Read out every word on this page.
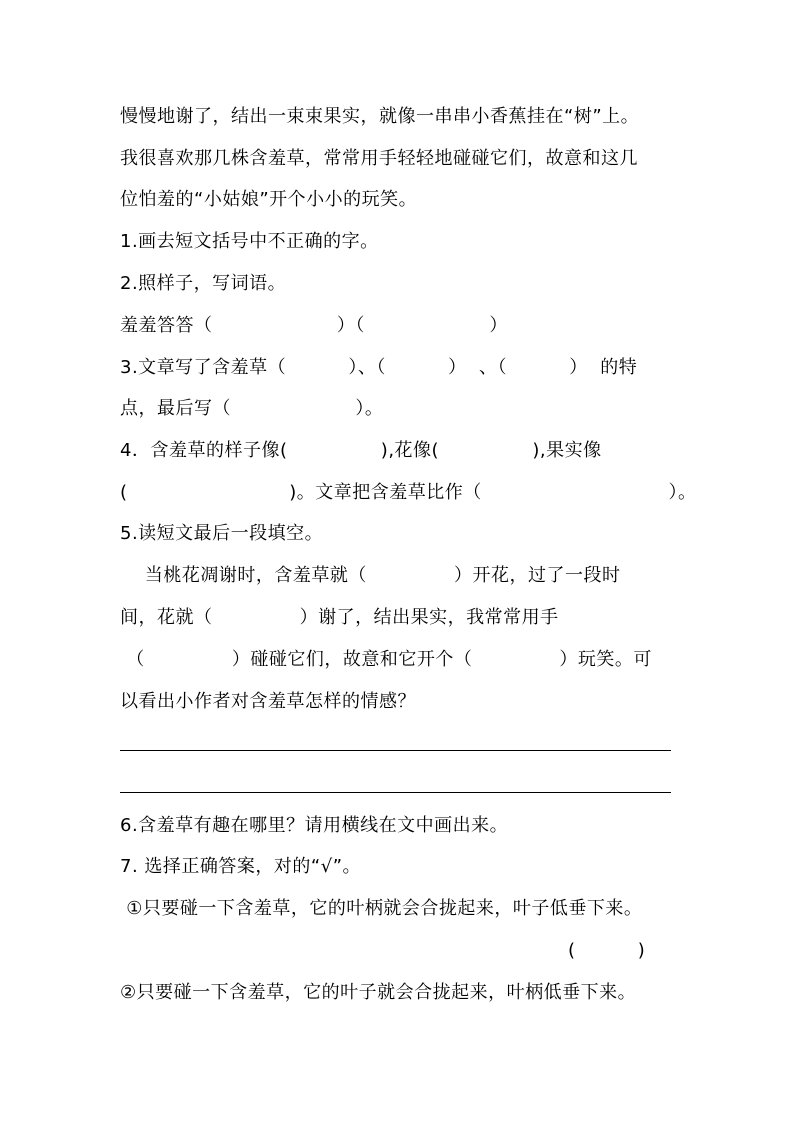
慢慢地谢了，结出一束束果实，就像一串串小香蕉挂在“树”上。
我很喜欢那几株含羞草，常常用手轻轻地碰碰它们，故意和这几
位怕羞的“小姑娘”开个小小的玩笑。
1.画去短文括号中不正确的字。
2.照样子，写词语。
羞羞答答（                    ）（                    ）
3.文章写了含羞草（          ）、（          ）  、（          ）  的特
点，最后写（                    ）。
4．含羞草的样子像(               ),花像(               ),果实像
(                          )。文章把含羞草比作（                              ）。
5.读短文最后一段填空。
当桃花凋谢时，含羞草就（              ）开花，过了一段时
间，花就（              ）谢了，结出果实，我常常用手
（              ）碰碰它们，故意和它开个（              ）玩笑。可
以看出小作者对含羞草怎样的情感？
6.含羞草有趣在哪里？请用横线在文中画出来。
7. 选择正确答案，对的“√”。
①只要碰一下含羞草，它的叶柄就会合拢起来，叶子低垂下来。
(          )
②只要碰一下含羞草，它的叶子就会合拢起来，叶柄低垂下来。
